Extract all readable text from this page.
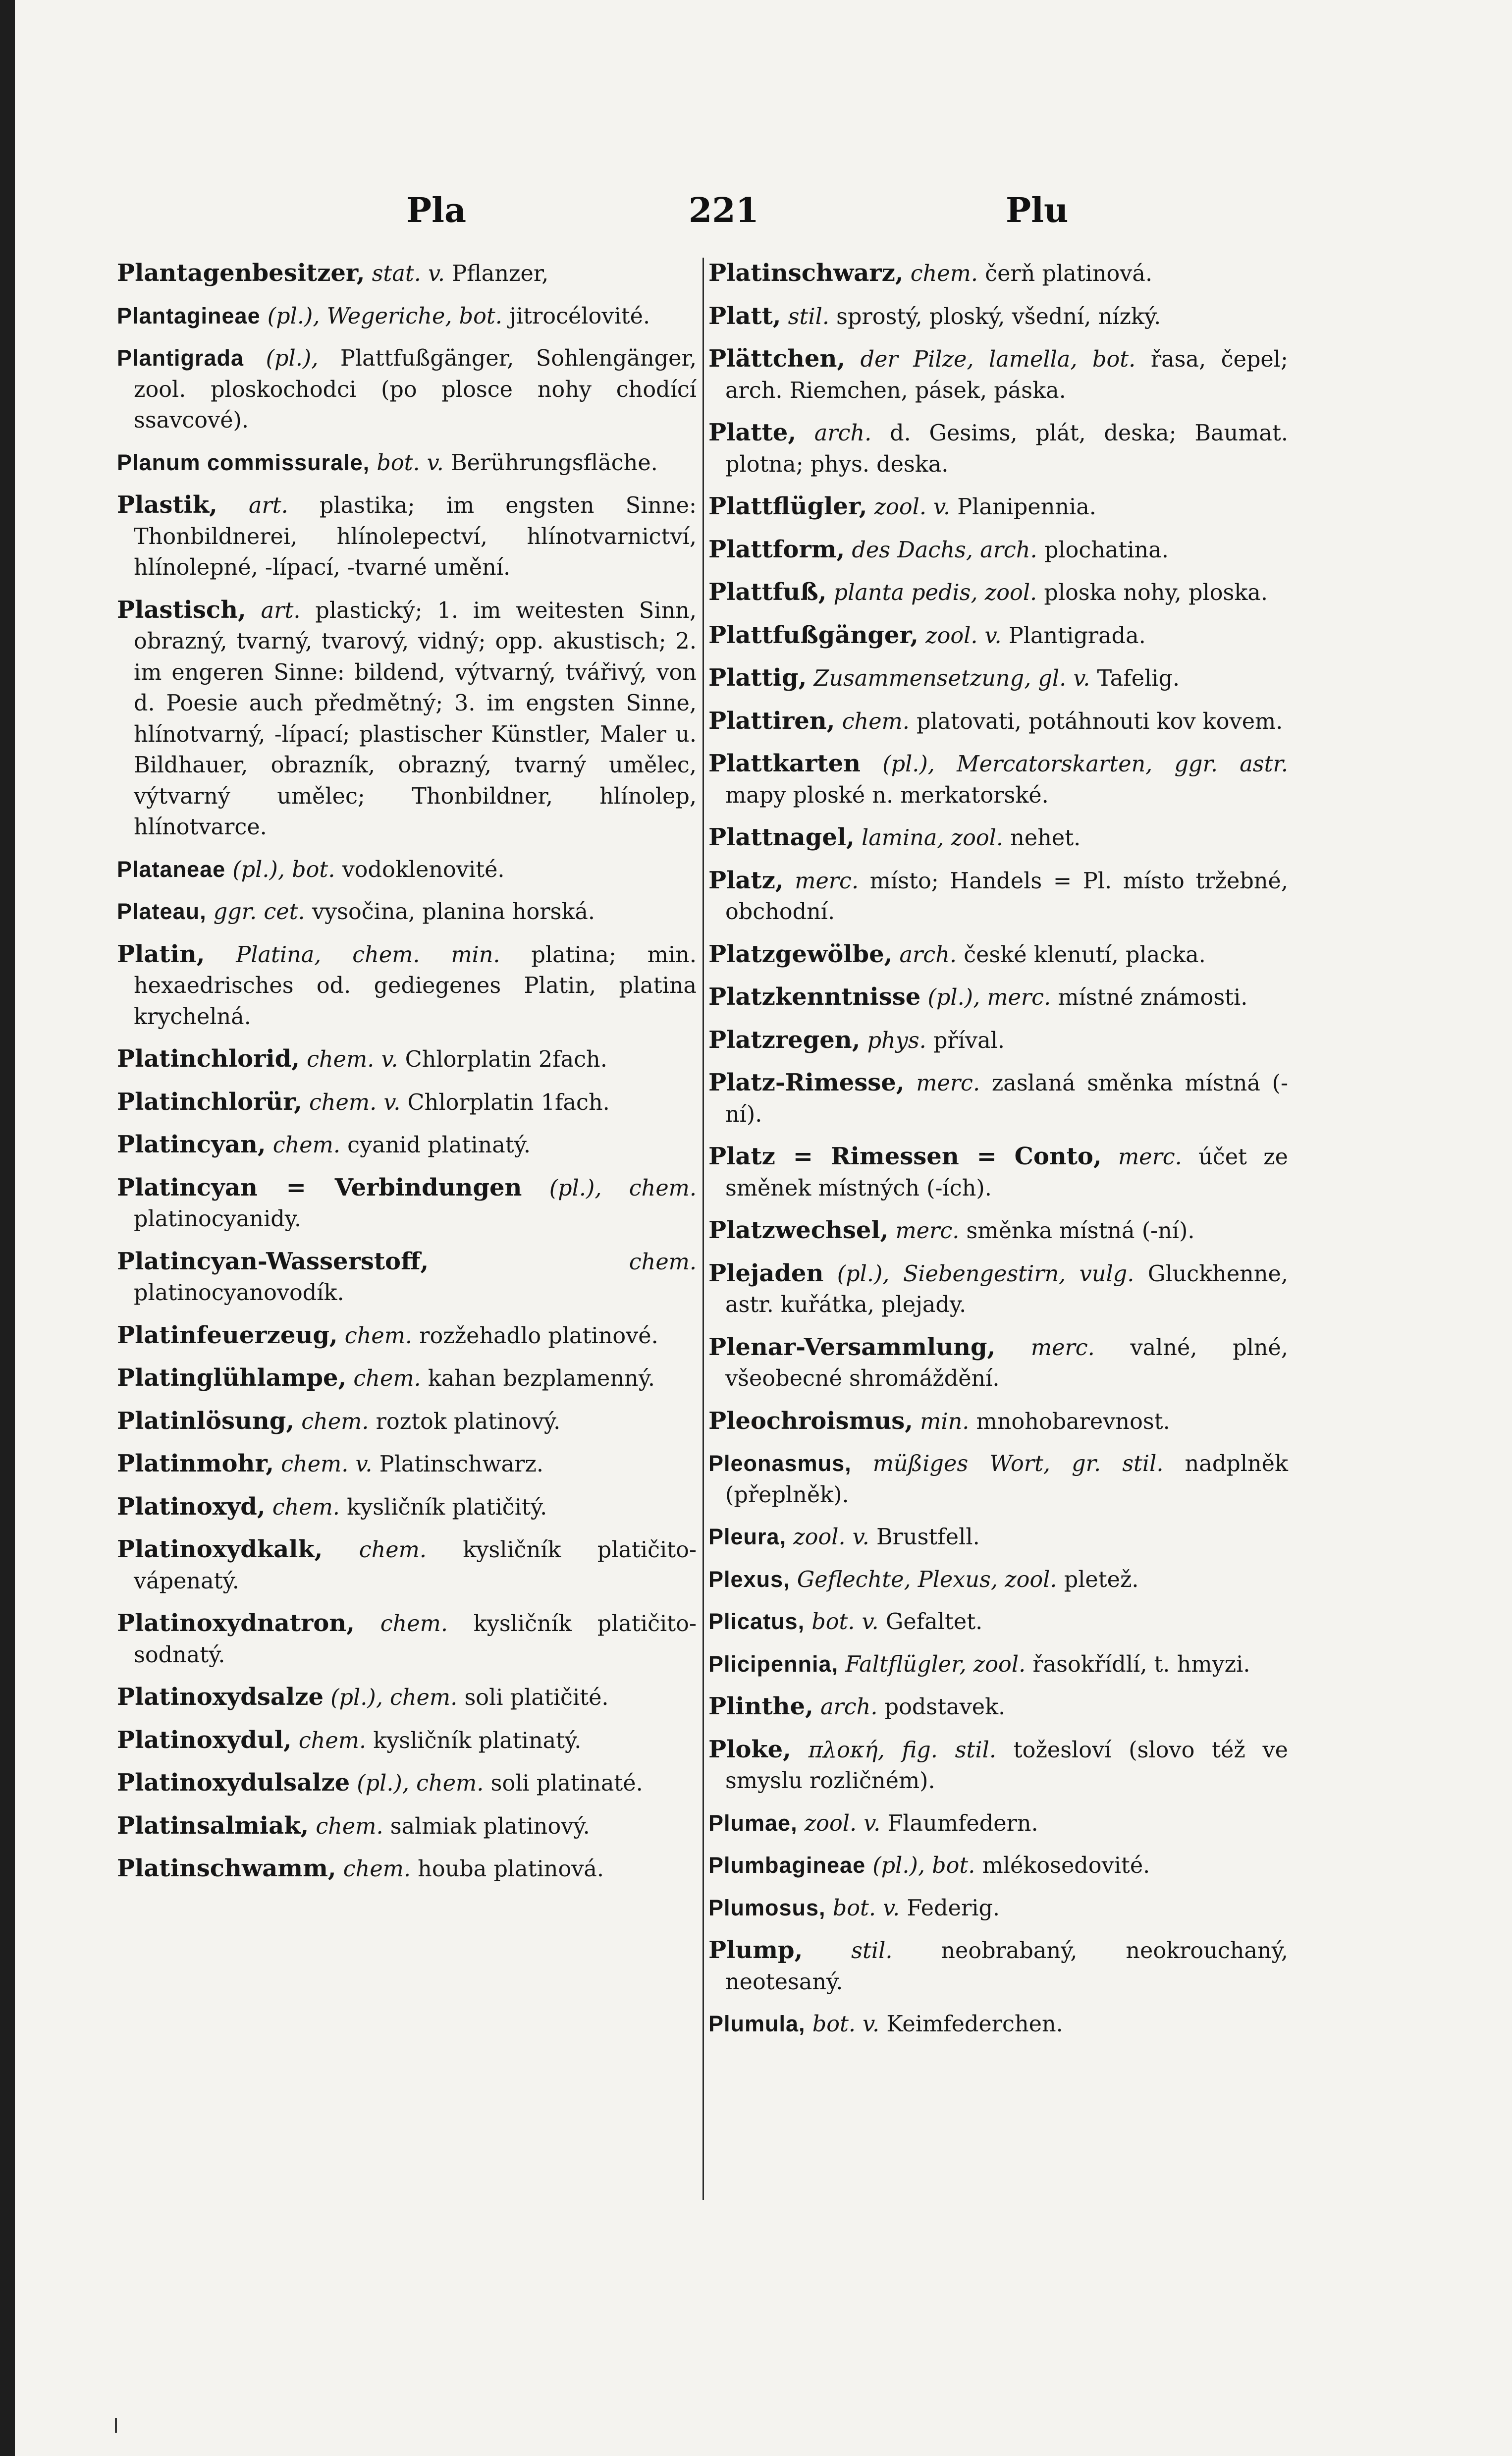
Pla	221	Plu

Plantagenbesitzer, stat. v. Pflanzer,

Plantagineae (pl.), Wegeriche, bot. jitrocélovité.

Plantigrada (pl.), Plattfußgänger, Sohlengänger, zool. ploskochodci (po plosce nohy chodící ssavcové).

Planum commissurale, bot. v. Berührungsfläche.

Plastik, art. plastika; im engsten Sinne: Thonbildnerei, hlínolepectví, hlínotvarnictví, hlínolepné, -lípací, -tvarné umění.

Plastisch, art. plastický; 1. im weitesten Sinn, obrazný, tvarný, tvarový, vidný; opp. akustisch; 2. im engeren Sinne: bildend, výtvarný, tvářivý, von d. Poesie auch předmětný; 3. im engsten Sinne, hlínotvarný, -lípací; plastischer Künstler, Maler u. Bildhauer, obrazník, obrazný, tvarný umělec, výtvarný umělec; Thonbildner, hlínolep, hlínotvarce.

Plataneae (pl.), bot. vodoklenovité.

Plateau, ggr. cet. vysočina, planina horská.

Platin, Platina, chem. min. platina; min. hexaedrisches od. gediegenes Platin, platina krychelná.

Platinchlorid, chem. v. Chlorplatin 2fach.

Platinchlorür, chem. v. Chlorplatin 1fach.

Platincyan, chem. cyanid platinatý.

Platincyan = Verbindungen (pl.), chem. platinocyanidy.

Platincyan-Wasserstoff,	chem. platinocyanovodík.

Platinfeuerzeug, chem. rozžehadlo platinové.

Platinglühlampe, chem. kahan bezplamenný.

Platinlösung, chem. roztok platinový.

Platinmohr, chem. v. Platinschwarz.

Platinoxyd, chem. kysličník platičitý.

Platinoxydkalk, chem. kysličník platičito-vápenatý.

Platinoxydnatron, chem. kysličník platičito-sodnatý.

Platinoxydsalze (pl.), chem. soli platičité.

Platinoxydul, chem. kysličník platinatý.

Platinoxydulsalze (pl.), chem. soli platinaté.

Platinsalmiak, chem. salmiak platinový.

Platinschwamm, chem. houba platinová.

Platinschwarz, chem. čerň platinová.

Platt, stil. sprostý, ploský, všední, nízký.

Plättchen, der Pilze, lamella, bot. řasa, čepel; arch. Riemchen, pásek, páska.

Platte, arch. d. Gesims, plát, deska; Baumat. plotna; phys. deska.

Plattflügler, zool. v. Planipennia.

Plattform, des Dachs, arch. plochatina.

Plattfuß, planta pedis, zool. ploska nohy, ploska.

Plattfußgänger, zool. v. Plantigrada.

Plattig, Zusammensetzung, gl. v. Tafelig.

Plattiren, chem. platovati, potáhnouti kov kovem.

Plattkarten (pl.), Mercatorskarten, ggr. astr. mapy ploské n. merkatorské.

Plattnagel, lamina, zool. nehet.

Platz, merc. místo; Handels = Pl. místo tržebné, obchodní.

Platzgewölbe, arch. české klenutí, placka.

Platzkenntnisse (pl.), merc. místné známosti.

Platzregen, phys. příval.

Platz-Rimesse, merc. zaslaná směnka místná (-ní).

Platz = Rimessen = Conto, merc. účet ze směnek místných (-ích).

Platzwechsel, merc. směnka místná (-ní).

Plejaden (pl.), Siebengestirn, vulg. Gluckhenne, astr. kuřátka, plejady.

Plenar-Versammlung, merc. valné, plné, všeobecné shromáždění.

Pleochroismus, min. mnohobarevnost.

Pleonasmus, müßiges Wort, gr. stil. nadplněk (přeplněk).

Pleura, zool. v. Brustfell.

Plexus, Geflechte, Plexus, zool. pletež.

Plicatus, bot. v. Gefaltet.

Plicipennia, Faltflügler, zool. řasokřídlí, t. hmyzi.

Plinthe, arch. podstavek.

Ploke, πλοκή, fig. stil. tožesloví (slovo též ve smyslu rozličném).

Plumae, zool. v. Flaumfedern.

Plumbagineae (pl.), bot. mlékosedovité.

Plumosus, bot. v. Federig.

Plump, stil. neobrabaný, neokrouchaný, neotesaný.

Plumula, bot. v. Keimfederchen.
